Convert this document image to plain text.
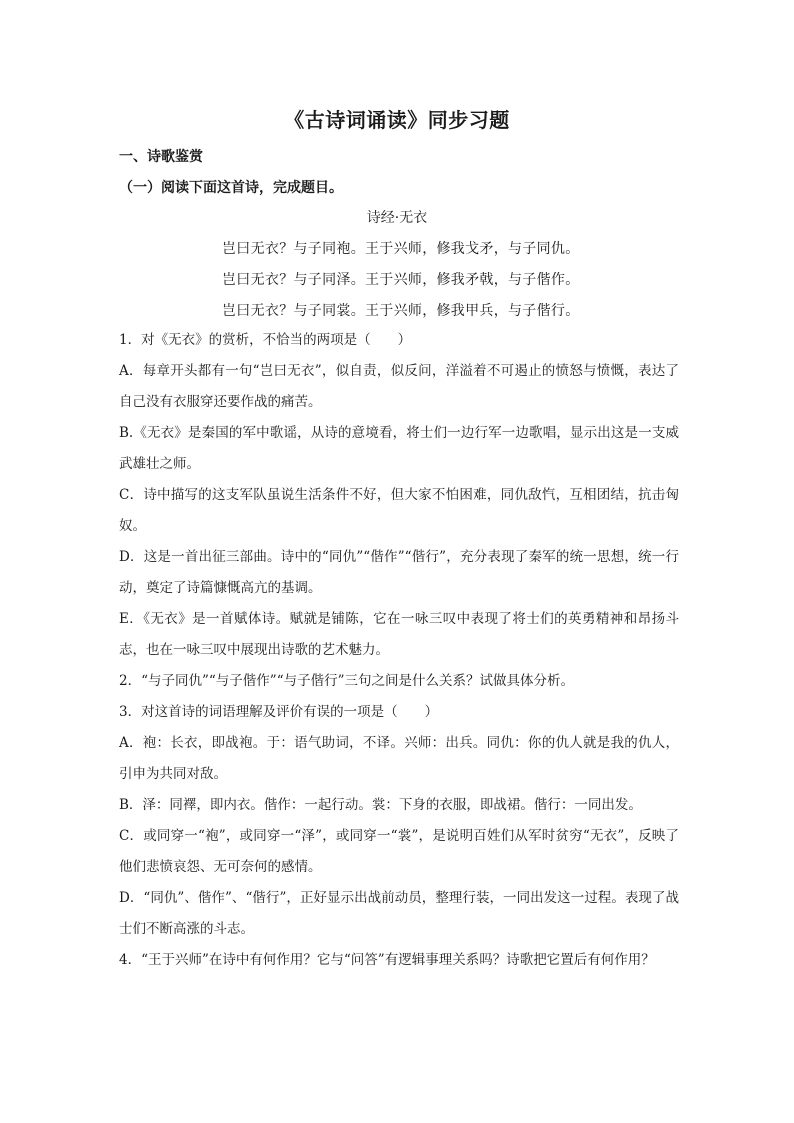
《古诗词诵读》同步习题
一、诗歌鉴赏
（一）阅读下面这首诗，完成题目。
诗经·无衣
岂曰无衣？与子同袍。王于兴师，修我戈矛，与子同仇。
岂曰无衣？与子同泽。王于兴师，修我矛戟，与子偕作。
岂曰无衣？与子同裳。王于兴师，修我甲兵，与子偕行。

1．对《无衣》的赏析，不恰当的两项是（　　）

A．每章开头都有一句“岂曰无衣”，似自责，似反问，洋溢着不可遏止的愤怒与愤慨，表达了自己没有衣服穿还要作战的痛苦。

B.《无衣》是秦国的军中歌谣，从诗的意境看，将士们一边行军一边歌唱，显示出这是一支威武雄壮之师。

C．诗中描写的这支军队虽说生活条件不好，但大家不怕困难，同仇敌忾，互相团结，抗击匈奴。

D．这是一首出征三部曲。诗中的“同仇”“偕作”“偕行”，充分表现了秦军的统一思想，统一行动，奠定了诗篇慷慨高亢的基调。

E．《无衣》是一首赋体诗。赋就是铺陈，它在一咏三叹中表现了将士们的英勇精神和昂扬斗志，也在一咏三叹中展现出诗歌的艺术魅力。

2．“与子同仇”“与子偕作”“与子偕行”三句之间是什么关系？试做具体分析。

3．对这首诗的词语理解及评价有误的一项是（　　）

A．袍：长衣，即战袍。于：语气助词，不译。兴师：出兵。同仇：你的仇人就是我的仇人，引申为共同对敌。

B．泽：同襗，即内衣。偕作：一起行动。裳：下身的衣服，即战裙。偕行：一同出发。

C．或同穿一“袍”，或同穿一“泽”，或同穿一“裳”，是说明百姓们从军时贫穷“无衣”，反映了他们悲愤哀怨、无可奈何的感情。

D．“同仇”、偕作”、“偕行”，正好显示出战前动员，整理行装，一同出发这一过程。表现了战士们不断高涨的斗志。

4．“王于兴师”在诗中有何作用？它与“问答”有逻辑事理关系吗？诗歌把它置后有何作用？
